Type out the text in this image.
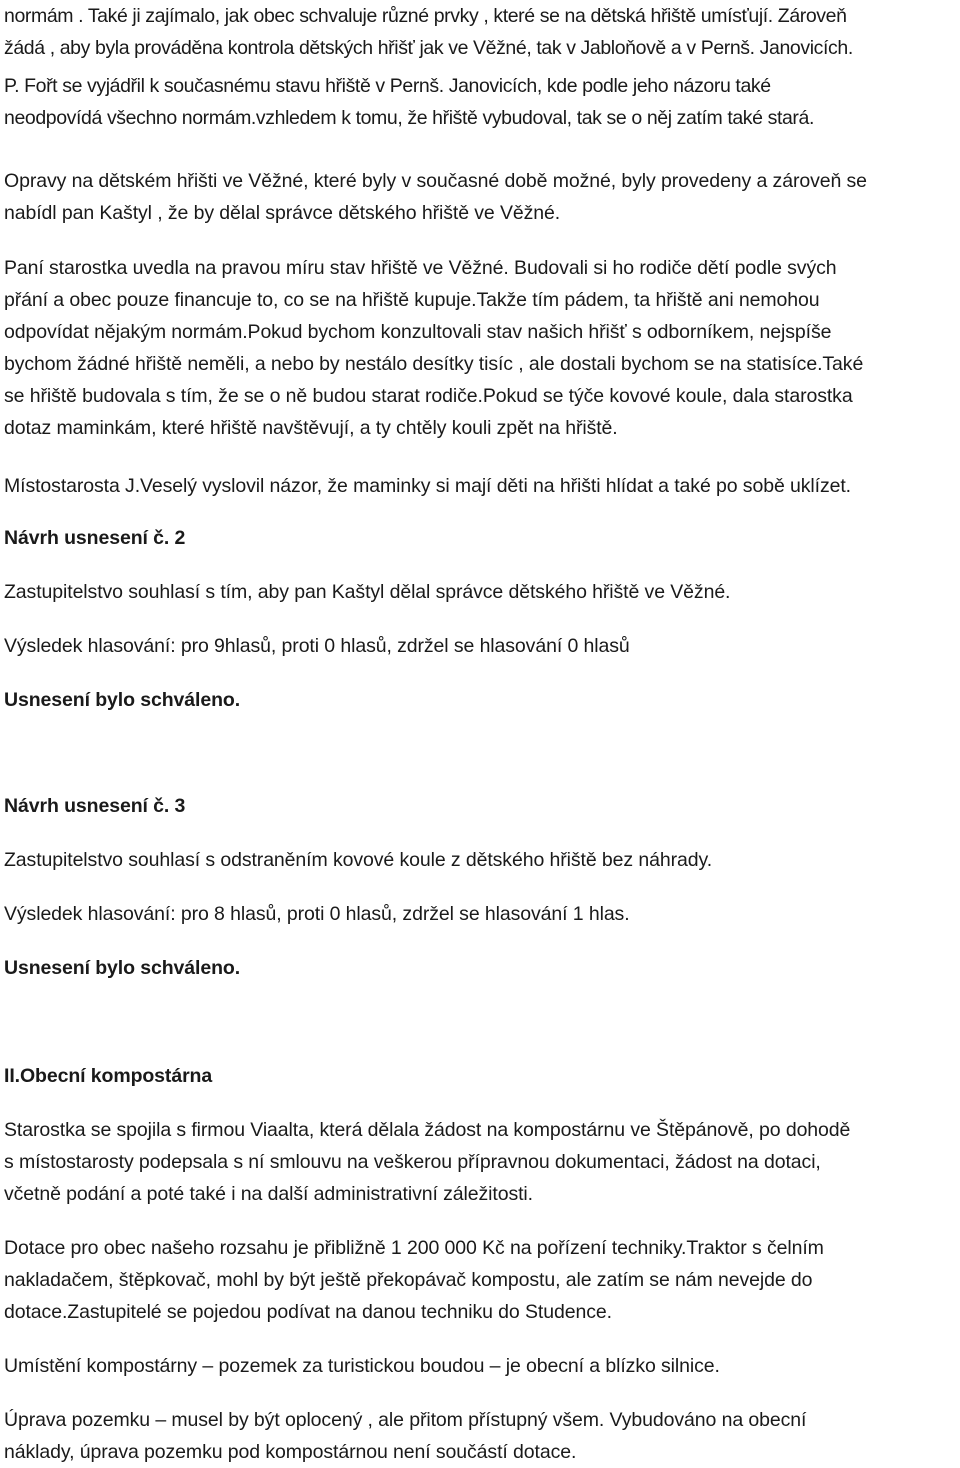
normám . Také ji zajímalo, jak obec schvaluje různé prvky , které se na dětská hřiště umísťují. Zároveň

žádá , aby byla prováděna kontrola dětských hřišť jak ve Věžné, tak v Jabloňově a v Pernš. Janovicích.

P. Fořt se vyjádřil k současnému stavu hřiště v Pernš. Janovicích, kde podle jeho názoru také

neodpovídá všechno normám.vzhledem k tomu, že hřiště vybudoval, tak se o něj zatím také stará.

Opravy na dětském hřišti ve Věžné, které byly v současné době možné, byly provedeny a zároveň se

nabídl pan Kaštyl , že by dělal správce dětského hřiště ve Věžné.

Paní starostka uvedla na pravou míru stav hřiště ve Věžné. Budovali si ho rodiče dětí podle svých

přání a obec pouze financuje to, co se na hřiště kupuje.Takže tím pádem, ta hřiště ani nemohou

odpovídat nějakým normám.Pokud bychom konzultovali stav našich hřišť s odborníkem, nejspíše

bychom žádné hřiště neměli, a nebo by nestálo desítky tisíc , ale dostali bychom se na statisíce.Také

se hřiště budovala s tím, že se o ně budou starat rodiče.Pokud se týče kovové koule, dala starostka

dotaz maminkám, které hřiště navštěvují, a ty chtěly kouli zpět na hřiště.

Místostarosta J.Veselý vyslovil názor, že maminky si mají děti na hřišti hlídat a také po sobě uklízet.

Návrh usnesení č. 2

Zastupitelstvo souhlasí s tím, aby pan Kaštyl dělal správce dětského hřiště ve Věžné.

Výsledek hlasování: pro 9hlasů, proti 0 hlasů, zdržel se hlasování 0 hlasů

Usnesení bylo schváleno.

Návrh usnesení č. 3

Zastupitelstvo souhlasí s odstraněním kovové koule z dětského hřiště bez náhrady.

Výsledek hlasování: pro 8 hlasů, proti 0 hlasů, zdržel se hlasování 1 hlas.

Usnesení bylo schváleno.

II.Obecní kompostárna

Starostka se spojila s firmou Viaalta, která dělala žádost na kompostárnu ve Štěpánově, po dohodě

s místostarosty podepsala s ní smlouvu na veškerou přípravnou dokumentaci, žádost na dotaci,

včetně podání a poté také i na další administrativní záležitosti.

Dotace pro obec našeho rozsahu je přibližně 1 200 000 Kč na pořízení techniky.Traktor s čelním

nakladačem, štěpkovač, mohl by být ještě překopávač kompostu, ale zatím se nám nevejde do

dotace.Zastupitelé se pojedou podívat na danou techniku do Studence.

Umístění kompostárny – pozemek za turistickou boudou – je obecní a blízko silnice.

Úprava pozemku – musel by být oplocený , ale přitom přístupný všem. Vybudováno na obecní

náklady, úprava pozemku pod kompostárnou není součástí dotace.
